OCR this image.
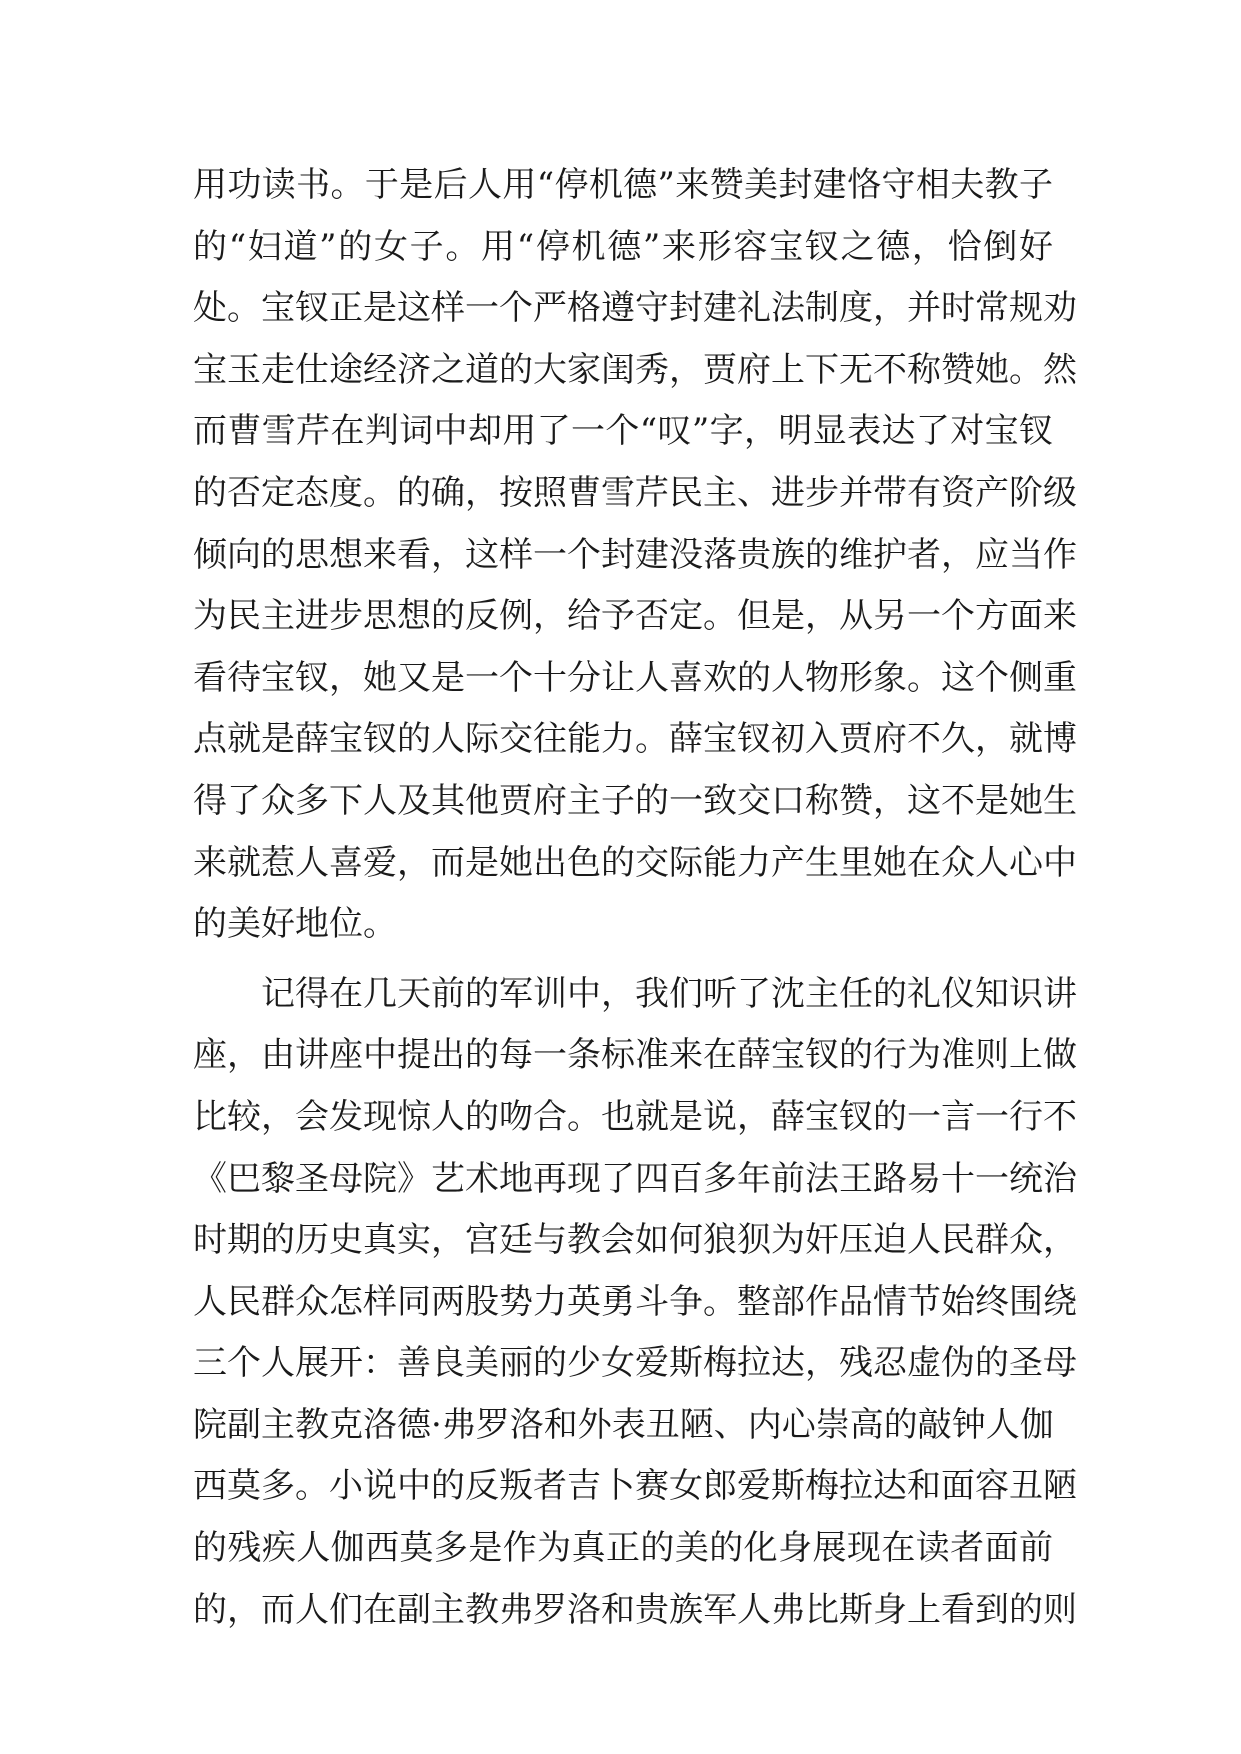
用功读书。于是后人用“停机德”来赞美封建恪守相夫教子
的“妇道”的女子。用“停机德”来形容宝钗之德，恰倒好
处。宝钗正是这样一个严格遵守封建礼法制度，并时常规劝
宝玉走仕途经济之道的大家闺秀，贾府上下无不称赞她。然
而曹雪芹在判词中却用了一个“叹”字，明显表达了对宝钗
的否定态度。的确，按照曹雪芹民主、进步并带有资产阶级
倾向的思想来看，这样一个封建没落贵族的维护者，应当作
为民主进步思想的反例，给予否定。但是，从另一个方面来
看待宝钗，她又是一个十分让人喜欢的人物形象。这个侧重
点就是薛宝钗的人际交往能力。薛宝钗初入贾府不久，就博
得了众多下人及其他贾府主子的一致交口称赞，这不是她生
来就惹人喜爱，而是她出色的交际能力产生里她在众人心中
的美好地位。
记得在几天前的军训中，我们听了沈主任的礼仪知识讲
座，由讲座中提出的每一条标准来在薛宝钗的行为准则上做
比较，会发现惊人的吻合。也就是说，薛宝钗的一言一行不
《巴黎圣母院》艺术地再现了四百多年前法王路易十一统治
时期的历史真实，宫廷与教会如何狼狈为奸压迫人民群众，
人民群众怎样同两股势力英勇斗争。整部作品情节始终围绕
三个人展开：善良美丽的少女爱斯梅拉达，残忍虚伪的圣母
院副主教克洛德·弗罗洛和外表丑陋、内心崇高的敲钟人伽
西莫多。小说中的反叛者吉卜赛女郎爱斯梅拉达和面容丑陋
的残疾人伽西莫多是作为真正的美的化身展现在读者面前
的，而人们在副主教弗罗洛和贵族军人弗比斯身上看到的则
